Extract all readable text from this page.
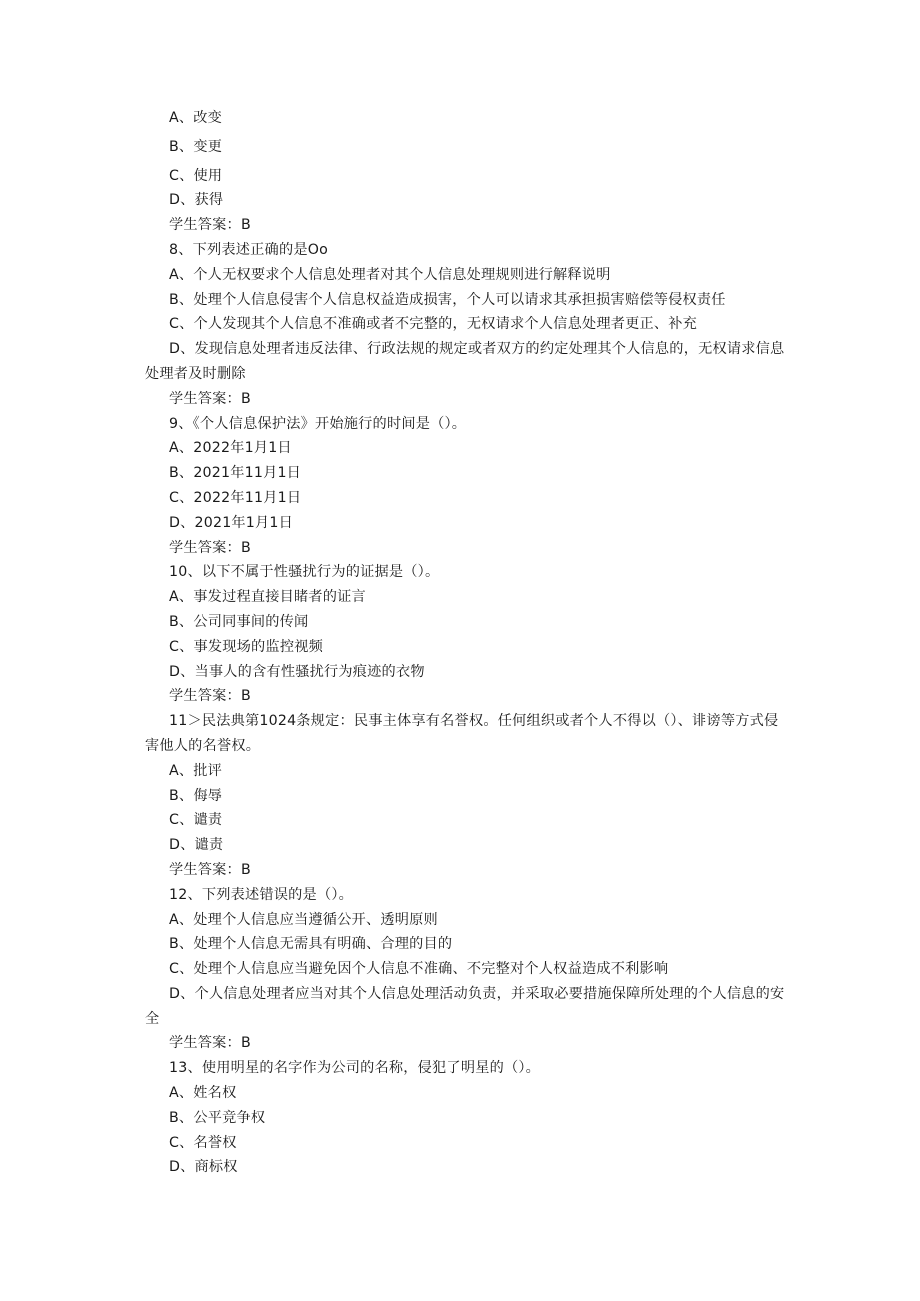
A、改变
B、变更
C、使用
D、获得
学生答案：B
8、下列表述正确的是Oo
A、个人无权要求个人信息处理者对其个人信息处理规则进行解释说明
B、处理个人信息侵害个人信息权益造成损害，个人可以请求其承担损害赔偿等侵权责任
C、个人发现其个人信息不准确或者不完整的，无权请求个人信息处理者更正、补充
D、发现信息处理者违反法律、行政法规的规定或者双方的约定处理其个人信息的，无权请求信息处理者及时删除
学生答案：B
9、《个人信息保护法》开始施行的时间是（）。
A、2022年1月1日
B、2021年11月1日
C、2022年11月1日
D、2021年1月1日
学生答案：B
10、以下不属于性骚扰行为的证据是（）。
A、事发过程直接目睹者的证言
B、公司同事间的传闻
C、事发现场的监控视频
D、当事人的含有性骚扰行为痕迹的衣物
学生答案：B
11＞民法典第1024条规定：民事主体享有名誉权。任何组织或者个人不得以（）、诽谤等方式侵害他人的名誉权。
A、批评
B、侮辱
C、谴责
D、谴责
学生答案：B
12、下列表述错误的是（）。
A、处理个人信息应当遵循公开、透明原则
B、处理个人信息无需具有明确、合理的目的
C、处理个人信息应当避免因个人信息不准确、不完整对个人权益造成不利影响
D、个人信息处理者应当对其个人信息处理活动负责，并采取必要措施保障所处理的个人信息的安全
学生答案：B
13、使用明星的名字作为公司的名称，侵犯了明星的（）。
A、姓名权
B、公平竞争权
C、名誉权
D、商标权
